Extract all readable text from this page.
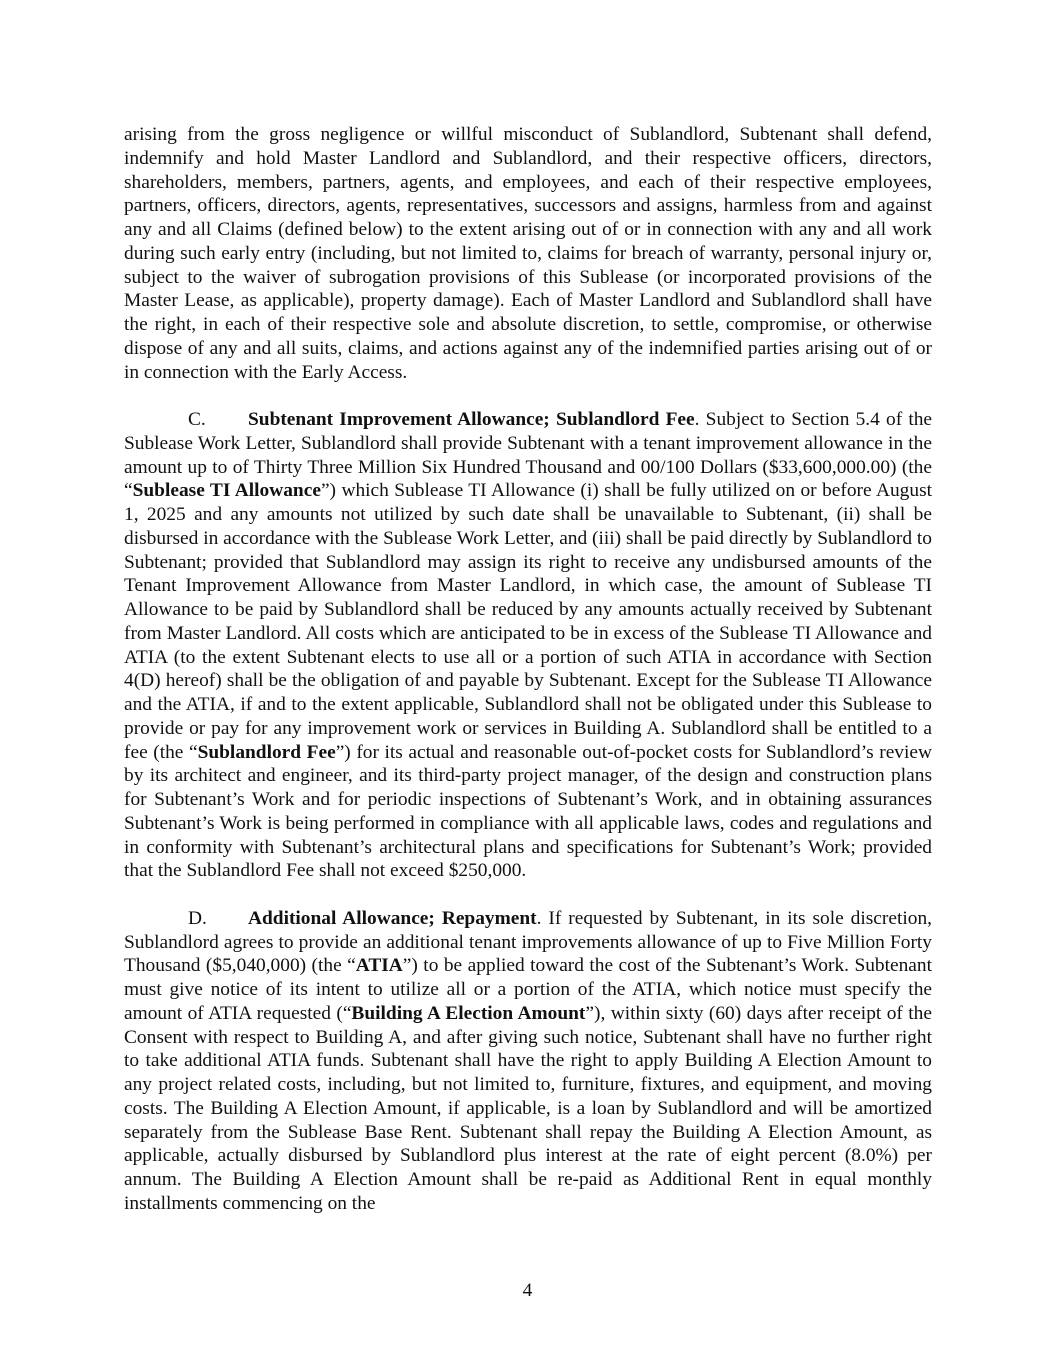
arising from the gross negligence or willful misconduct of Sublandlord, Subtenant shall defend, indemnify and hold Master Landlord and Sublandlord, and their respective officers, directors, shareholders, members, partners, agents, and employees, and each of their respective employees, partners, officers, directors, agents, representatives, successors and assigns, harmless from and against any and all Claims (defined below) to the extent arising out of or in connection with any and all work during such early entry (including, but not limited to, claims for breach of warranty, personal injury or, subject to the waiver of subrogation provisions of this Sublease (or incorporated provisions of the Master Lease, as applicable), property damage). Each of Master Landlord and Sublandlord shall have the right, in each of their respective sole and absolute discretion, to settle, compromise, or otherwise dispose of any and all suits, claims, and actions against any of the indemnified parties arising out of or in connection with the Early Access.

C. Subtenant Improvement Allowance; Sublandlord Fee. Subject to Section 5.4 of the Sublease Work Letter, Sublandlord shall provide Subtenant with a tenant improvement allowance in the amount up to of Thirty Three Million Six Hundred Thousand and 00/100 Dollars ($33,600,000.00) (the “Sublease TI Allowance”) which Sublease TI Allowance (i) shall be fully utilized on or before August 1, 2025 and any amounts not utilized by such date shall be unavailable to Subtenant, (ii) shall be disbursed in accordance with the Sublease Work Letter, and (iii) shall be paid directly by Sublandlord to Subtenant; provided that Sublandlord may assign its right to receive any undisbursed amounts of the Tenant Improvement Allowance from Master Landlord, in which case, the amount of Sublease TI Allowance to be paid by Sublandlord shall be reduced by any amounts actually received by Subtenant from Master Landlord. All costs which are anticipated to be in excess of the Sublease TI Allowance and ATIA (to the extent Subtenant elects to use all or a portion of such ATIA in accordance with Section 4(D) hereof) shall be the obligation of and payable by Subtenant. Except for the Sublease TI Allowance and the ATIA, if and to the extent applicable, Sublandlord shall not be obligated under this Sublease to provide or pay for any improvement work or services in Building A. Sublandlord shall be entitled to a fee (the “Sublandlord Fee”) for its actual and reasonable out-of-pocket costs for Sublandlord’s review by its architect and engineer, and its third-party project manager, of the design and construction plans for Subtenant’s Work and for periodic inspections of Subtenant’s Work, and in obtaining assurances Subtenant’s Work is being performed in compliance with all applicable laws, codes and regulations and in conformity with Subtenant’s architectural plans and specifications for Subtenant’s Work; provided that the Sublandlord Fee shall not exceed $250,000.

D. Additional Allowance; Repayment. If requested by Subtenant, in its sole discretion, Sublandlord agrees to provide an additional tenant improvements allowance of up to Five Million Forty Thousand ($5,040,000) (the “ATIA”) to be applied toward the cost of the Subtenant’s Work. Subtenant must give notice of its intent to utilize all or a portion of the ATIA, which notice must specify the amount of ATIA requested (“Building A Election Amount”), within sixty (60) days after receipt of the Consent with respect to Building A, and after giving such notice, Subtenant shall have no further right to take additional ATIA funds. Subtenant shall have the right to apply Building A Election Amount to any project related costs, including, but not limited to, furniture, fixtures, and equipment, and moving costs. The Building A Election Amount, if applicable, is a loan by Sublandlord and will be amortized separately from the Sublease Base Rent. Subtenant shall repay the Building A Election Amount, as applicable, actually disbursed by Sublandlord plus interest at the rate of eight percent (8.0%) per annum. The Building A Election Amount shall be re-paid as Additional Rent in equal monthly installments commencing on the

4
